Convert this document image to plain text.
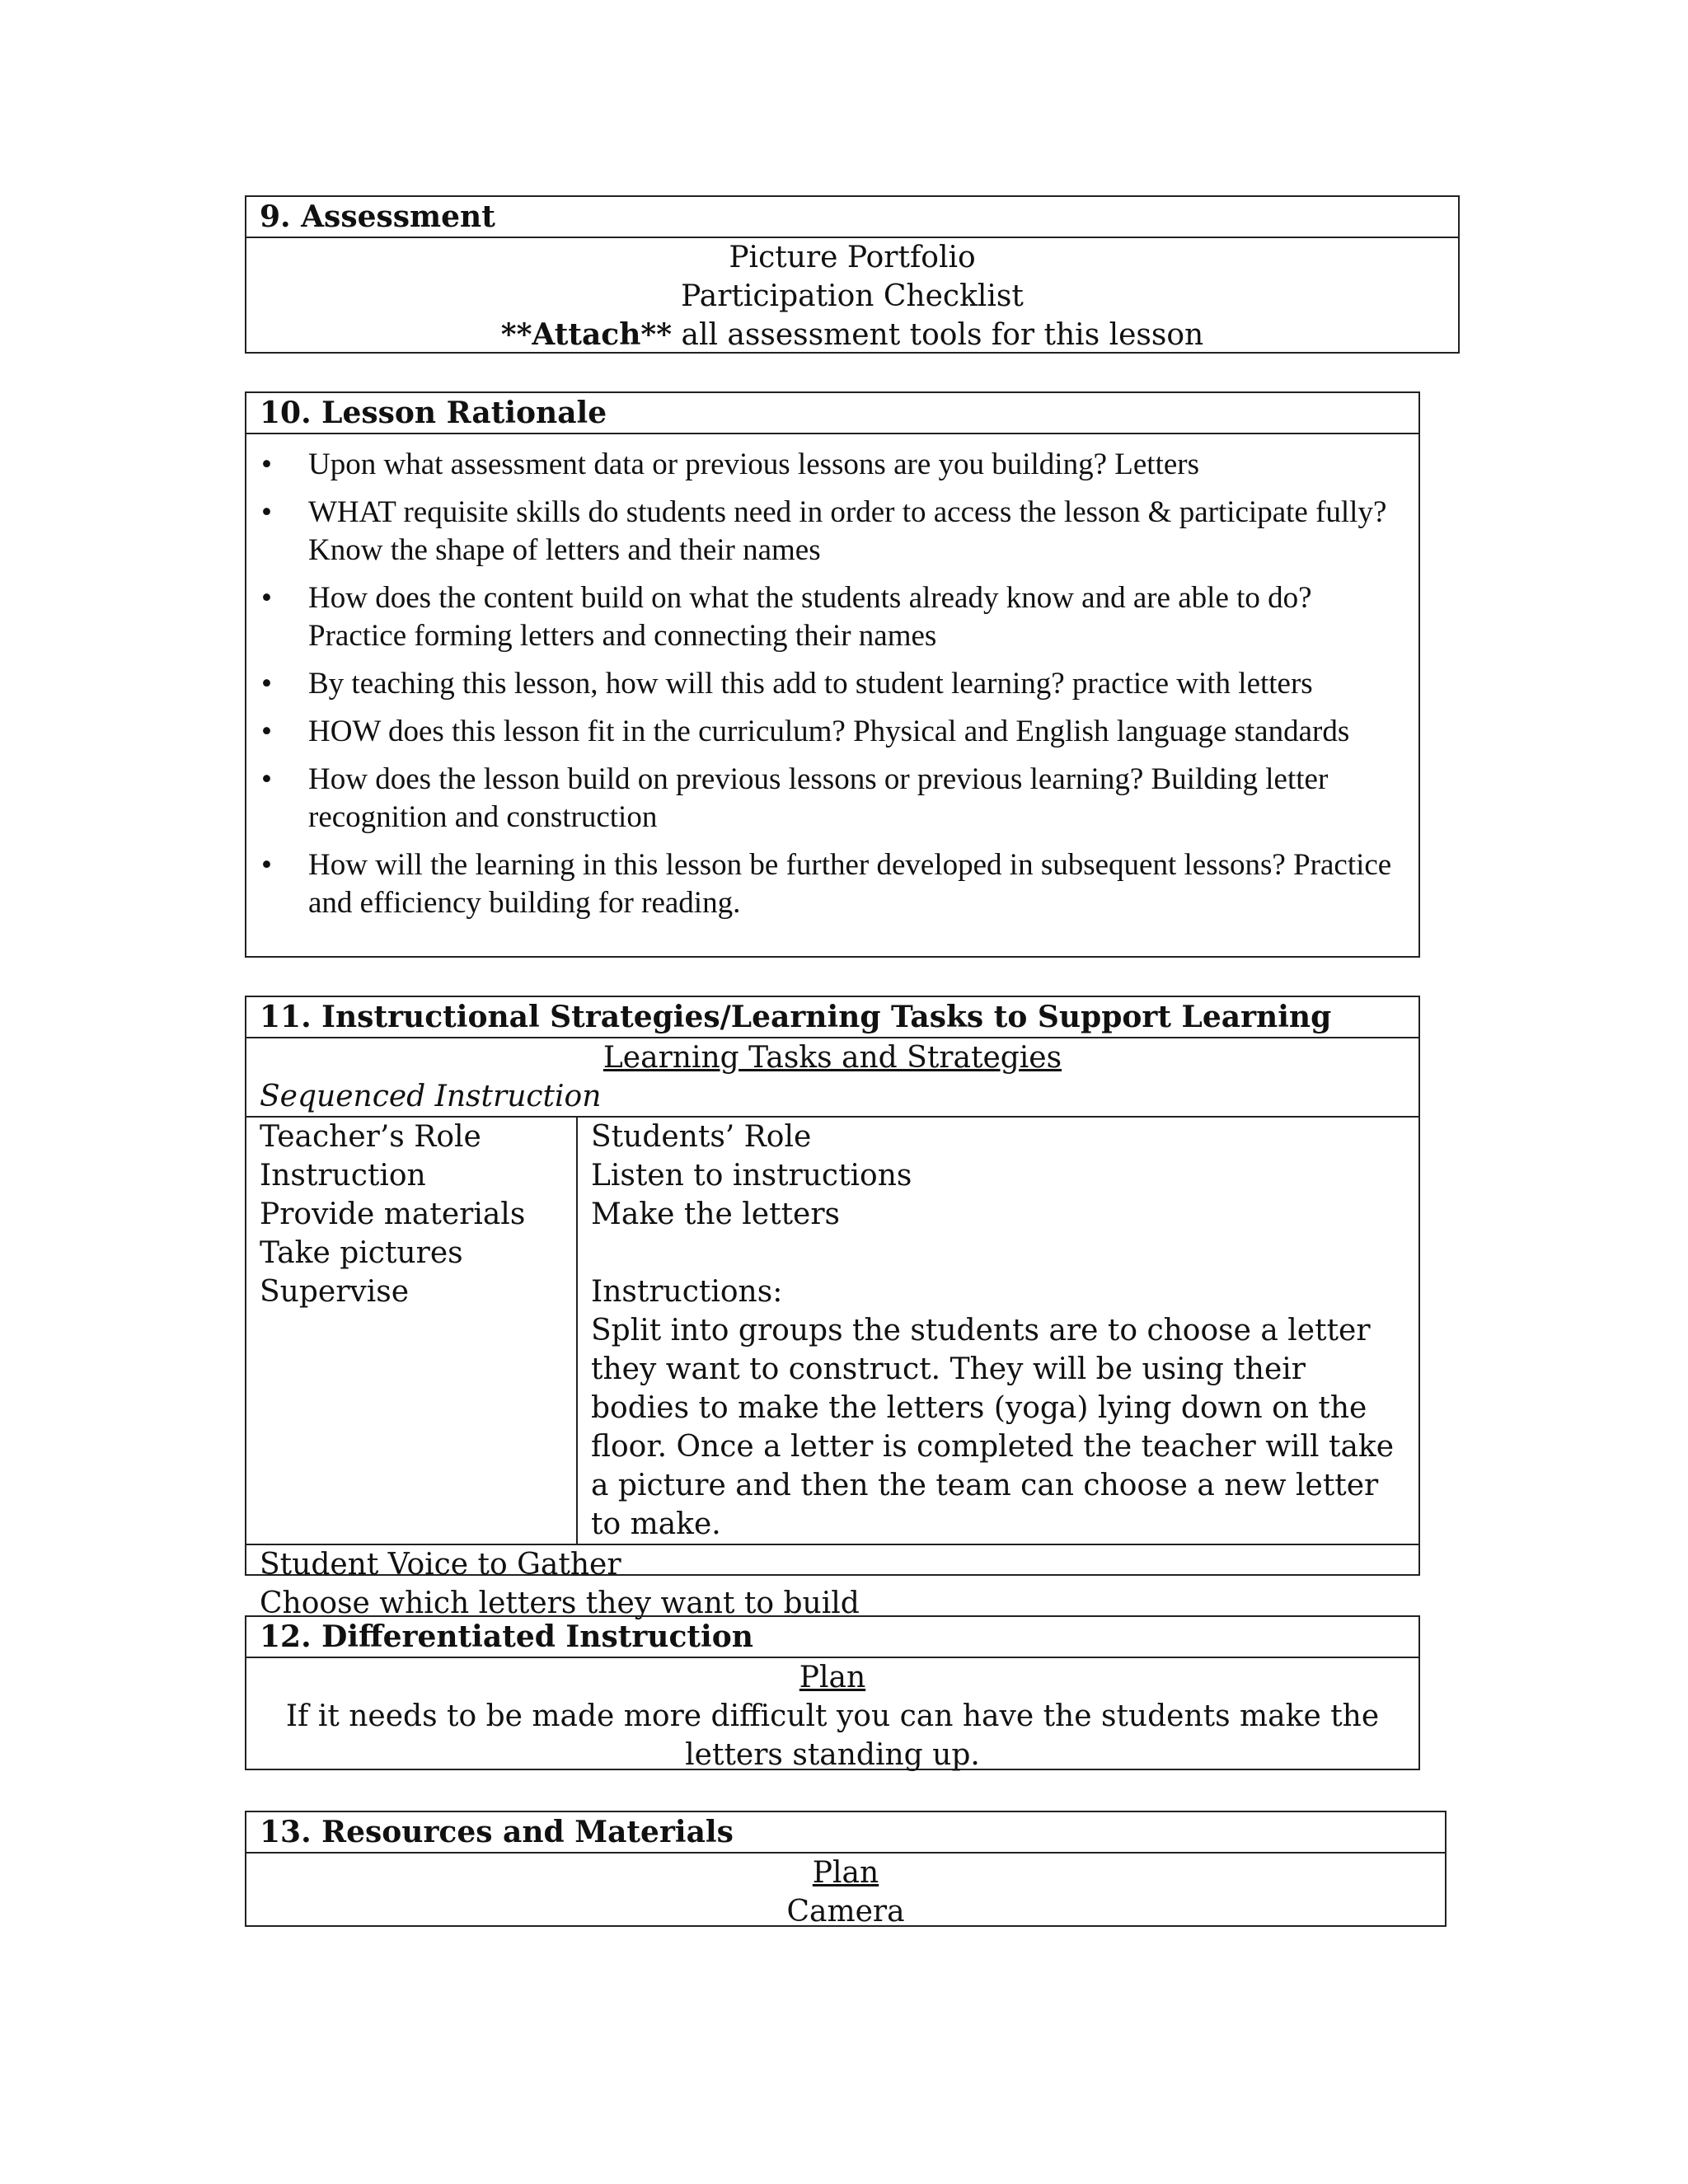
9. Assessment
Picture Portfolio
Participation Checklist
**Attach** all assessment tools for this lesson
10. Lesson Rationale
• Upon what assessment data or previous lessons are you building? Letters
• WHAT requisite skills do students need in order to access the lesson & participate fully? Know the shape of letters and their names
• How does the content build on what the students already know and are able to do? Practice forming letters and connecting their names
• By teaching this lesson, how will this add to student learning? practice with letters
• HOW does this lesson fit in the curriculum? Physical and English language standards
• How does the lesson build on previous lessons or previous learning? Building letter recognition and construction
• How will the learning in this lesson be further developed in subsequent lessons? Practice and efficiency building for reading.
11. Instructional Strategies/Learning Tasks to Support Learning
Learning Tasks and Strategies
Sequenced Instruction
Teacher’s Role
Instruction
Provide materials
Take pictures
Supervise
Students’ Role
Listen to instructions
Make the letters
Instructions:
Split into groups the students are to choose a letter they want to construct. They will be using their bodies to make the letters (yoga) lying down on the floor. Once a letter is completed the teacher will take a picture and then the team can choose a new letter to make.
Student Voice to Gather
Choose which letters they want to build
12. Differentiated Instruction
Plan
If it needs to be made more difficult you can have the students make the letters standing up.
13. Resources and Materials
Plan
Camera
